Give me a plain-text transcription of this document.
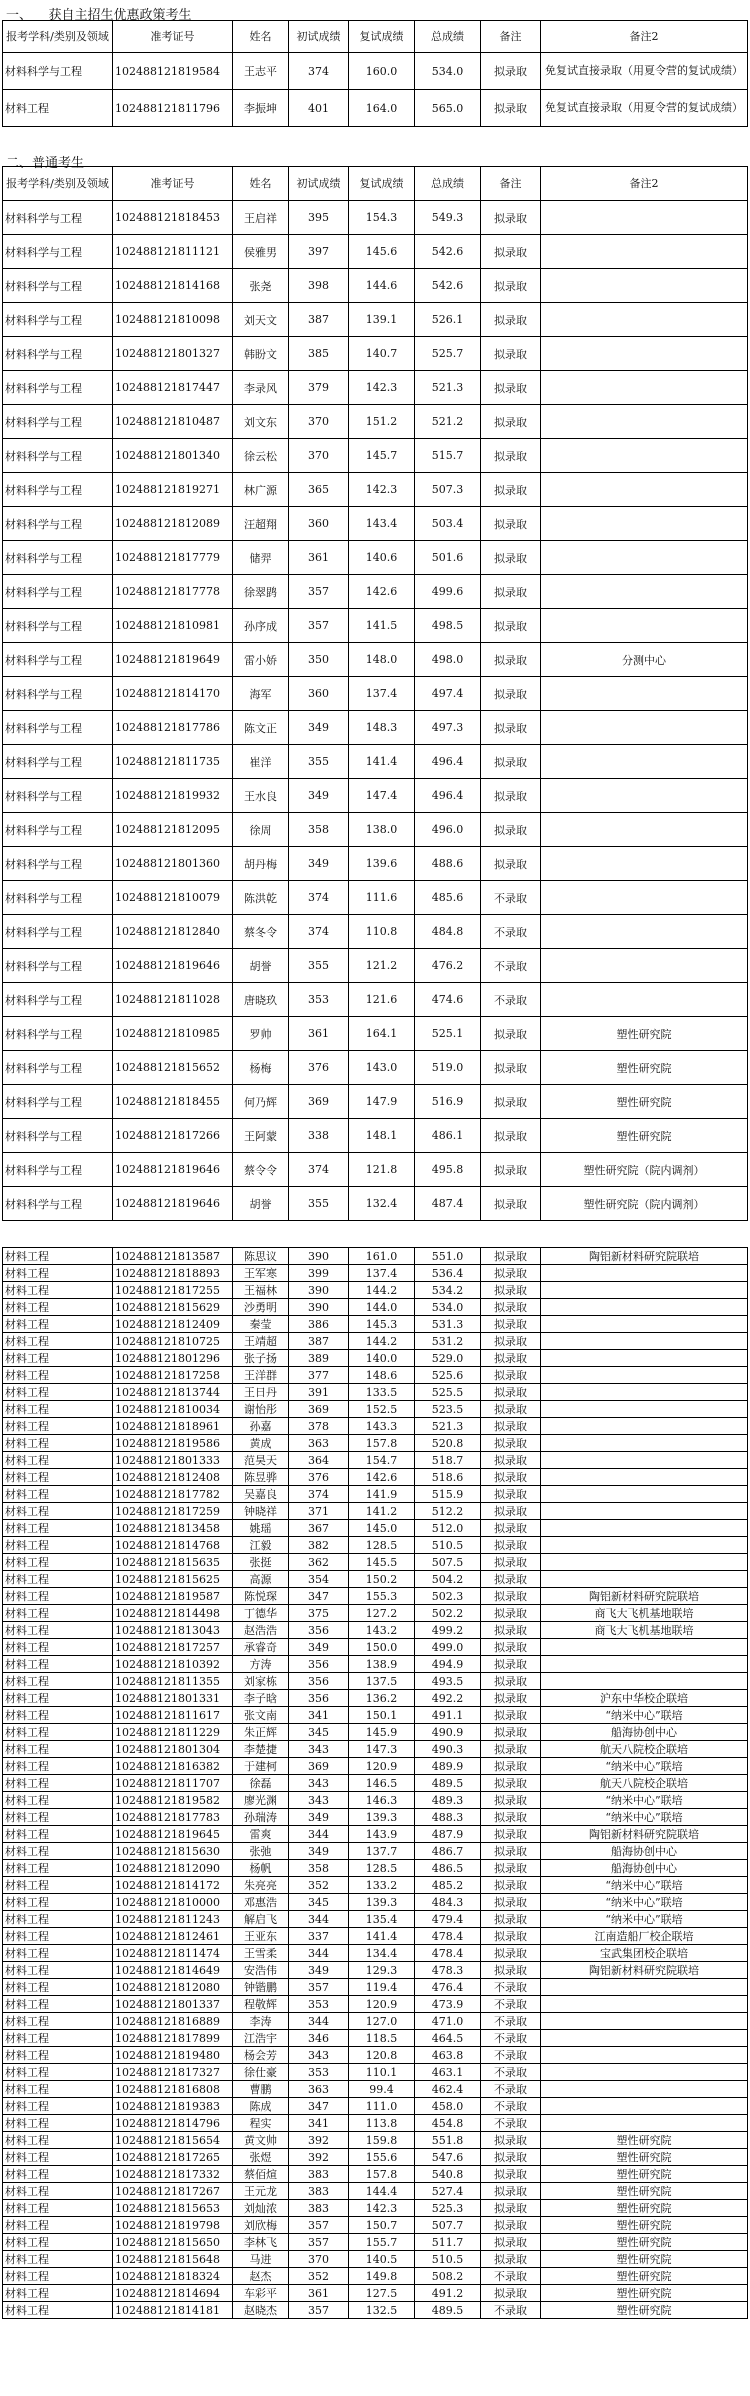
一、    获自主招生优惠政策考生
报考学科/类别及领域	准考证号	姓名	初试成绩	复试成绩	总成绩	备注	备注2
材料科学与工程	102488121819584	王志平	374	160.0	534.0	拟录取	免复试直接录取（用夏令营的复试成绩）
材料工程	102488121811796	李振坤	401	164.0	565.0	拟录取	免复试直接录取（用夏令营的复试成绩）
二、普通考生
报考学科/类别及领域	准考证号	姓名	初试成绩	复试成绩	总成绩	备注	备注2
材料科学与工程	102488121818453	王启祥	395	154.3	549.3	拟录取	
材料科学与工程	102488121811121	侯雅男	397	145.6	542.6	拟录取	
材料科学与工程	102488121814168	张尧	398	144.6	542.6	拟录取	
材料科学与工程	102488121810098	刘天文	387	139.1	526.1	拟录取	
材料科学与工程	102488121801327	韩盼文	385	140.7	525.7	拟录取	
材料科学与工程	102488121817447	李录风	379	142.3	521.3	拟录取	
材料科学与工程	102488121810487	刘文东	370	151.2	521.2	拟录取	
材料科学与工程	102488121801340	徐云松	370	145.7	515.7	拟录取	
材料科学与工程	102488121819271	林广源	365	142.3	507.3	拟录取	
材料科学与工程	102488121812089	汪超翔	360	143.4	503.4	拟录取	
材料科学与工程	102488121817779	储羿	361	140.6	501.6	拟录取	
材料科学与工程	102488121817778	徐翠鹍	357	142.6	499.6	拟录取	
材料科学与工程	102488121810981	孙序成	357	141.5	498.5	拟录取	
材料科学与工程	102488121819649	雷小娇	350	148.0	498.0	拟录取	分测中心
材料科学与工程	102488121814170	海军	360	137.4	497.4	拟录取	
材料科学与工程	102488121817786	陈文正	349	148.3	497.3	拟录取	
材料科学与工程	102488121811735	崔洋	355	141.4	496.4	拟录取	
材料科学与工程	102488121819932	王水良	349	147.4	496.4	拟录取	
材料科学与工程	102488121812095	徐周	358	138.0	496.0	拟录取	
材料科学与工程	102488121801360	胡丹梅	349	139.6	488.6	拟录取	
材料科学与工程	102488121810079	陈洪乾	374	111.6	485.6	不录取	
材料科学与工程	102488121812840	蔡冬令	374	110.8	484.8	不录取	
材料科学与工程	102488121819646	胡誉	355	121.2	476.2	不录取	
材料科学与工程	102488121811028	唐晓玖	353	121.6	474.6	不录取	
材料科学与工程	102488121810985	罗帅	361	164.1	525.1	拟录取	塑性研究院
材料科学与工程	102488121815652	杨梅	376	143.0	519.0	拟录取	塑性研究院
材料科学与工程	102488121818455	何乃辉	369	147.9	516.9	拟录取	塑性研究院
材料科学与工程	102488121817266	王阿蒙	338	148.1	486.1	拟录取	塑性研究院
材料科学与工程	102488121819646	蔡令令	374	121.8	495.8	拟录取	塑性研究院（院内调剂）
材料科学与工程	102488121819646	胡誉	355	132.4	487.4	拟录取	塑性研究院（院内调剂）
材料工程	102488121813587	陈思议	390	161.0	551.0	拟录取	陶铝新材料研究院联培
材料工程	102488121818893	王军寒	399	137.4	536.4	拟录取	
材料工程	102488121817255	王福林	390	144.2	534.2	拟录取	
材料工程	102488121815629	沙勇明	390	144.0	534.0	拟录取	
材料工程	102488121812409	秦莹	386	145.3	531.3	拟录取	
材料工程	102488121810725	王靖超	387	144.2	531.2	拟录取	
材料工程	102488121801296	张子扬	389	140.0	529.0	拟录取	
材料工程	102488121817258	王洋群	377	148.6	525.6	拟录取	
材料工程	102488121813744	王日丹	391	133.5	525.5	拟录取	
材料工程	102488121810034	谢怡彤	369	152.5	523.5	拟录取	
材料工程	102488121818961	孙嘉	378	143.3	521.3	拟录取	
材料工程	102488121819586	黄成	363	157.8	520.8	拟录取	
材料工程	102488121801333	范昊天	364	154.7	518.7	拟录取	
材料工程	102488121812408	陈昱骅	376	142.6	518.6	拟录取	
材料工程	102488121817782	吴嘉良	374	141.9	515.9	拟录取	
材料工程	102488121817259	钟晓祥	371	141.2	512.2	拟录取	
材料工程	102488121813458	姚瑶	367	145.0	512.0	拟录取	
材料工程	102488121814768	江毅	382	128.5	510.5	拟录取	
材料工程	102488121815635	张挺	362	145.5	507.5	拟录取	
材料工程	102488121815625	高源	354	150.2	504.2	拟录取	
材料工程	102488121819587	陈悦琛	347	155.3	502.3	拟录取	陶铝新材料研究院联培
材料工程	102488121814498	丁德华	375	127.2	502.2	拟录取	商飞大飞机基地联培
材料工程	102488121813043	赵浩浩	356	143.2	499.2	拟录取	商飞大飞机基地联培
材料工程	102488121817257	承睿奇	349	150.0	499.0	拟录取	
材料工程	102488121810392	方涛	356	138.9	494.9	拟录取	
材料工程	102488121811355	刘家栋	356	137.5	493.5	拟录取	
材料工程	102488121801331	李子晗	356	136.2	492.2	拟录取	沪东中华校企联培
材料工程	102488121811617	张文南	341	150.1	491.1	拟录取	“纳米中心”联培
材料工程	102488121811229	朱正辉	345	145.9	490.9	拟录取	船海协创中心
材料工程	102488121801304	李楚捷	343	147.3	490.3	拟录取	航天八院校企联培
材料工程	102488121816382	于建柯	369	120.9	489.9	拟录取	“纳米中心”联培
材料工程	102488121811707	徐磊	343	146.5	489.5	拟录取	航天八院校企联培
材料工程	102488121819582	廖光渊	343	146.3	489.3	拟录取	“纳米中心”联培
材料工程	102488121817783	孙瑞涛	349	139.3	488.3	拟录取	“纳米中心”联培
材料工程	102488121819645	雷爽	344	143.9	487.9	拟录取	陶铝新材料研究院联培
材料工程	102488121815630	张弛	349	137.7	486.7	拟录取	船海协创中心
材料工程	102488121812090	杨帆	358	128.5	486.5	拟录取	船海协创中心
材料工程	102488121814172	朱亮亮	352	133.2	485.2	拟录取	“纳米中心”联培
材料工程	102488121810000	邓惠浩	345	139.3	484.3	拟录取	“纳米中心”联培
材料工程	102488121811243	解启飞	344	135.4	479.4	拟录取	“纳米中心”联培
材料工程	102488121812461	王亚东	337	141.4	478.4	拟录取	江南造船厂校企联培
材料工程	102488121811474	王雪柔	344	134.4	478.4	拟录取	宝武集团校企联培
材料工程	102488121814649	安浩伟	349	129.3	478.3	拟录取	陶铝新材料研究院联培
材料工程	102488121812080	钟锴鹏	357	119.4	476.4	不录取	
材料工程	102488121801337	程敬辉	353	120.9	473.9	不录取	
材料工程	102488121816889	李涛	344	127.0	471.0	不录取	
材料工程	102488121817899	江浩宇	346	118.5	464.5	不录取	
材料工程	102488121819480	杨会芳	343	120.8	463.8	不录取	
材料工程	102488121817327	徐仕豪	353	110.1	463.1	不录取	
材料工程	102488121816808	曹鹏	363	99.4	462.4	不录取	
材料工程	102488121819383	陈成	347	111.0	458.0	不录取	
材料工程	102488121814796	程实	341	113.8	454.8	不录取	
材料工程	102488121815654	黄文帅	392	159.8	551.8	拟录取	塑性研究院
材料工程	102488121817265	张煜	392	155.6	547.6	拟录取	塑性研究院
材料工程	102488121817332	蔡佰煊	383	157.8	540.8	拟录取	塑性研究院
材料工程	102488121817267	王元龙	383	144.4	527.4	拟录取	塑性研究院
材料工程	102488121815653	刘灿浓	383	142.3	525.3	拟录取	塑性研究院
材料工程	102488121819798	刘欣梅	357	150.7	507.7	拟录取	塑性研究院
材料工程	102488121815650	李林飞	357	155.7	511.7	拟录取	塑性研究院
材料工程	102488121815648	马进	370	140.5	510.5	拟录取	塑性研究院
材料工程	102488121818324	赵杰	352	149.8	508.2	不录取	塑性研究院
材料工程	102488121814694	车彩平	361	127.5	491.2	拟录取	塑性研究院
材料工程	102488121814181	赵晓杰	357	132.5	489.5	不录取	塑性研究院
